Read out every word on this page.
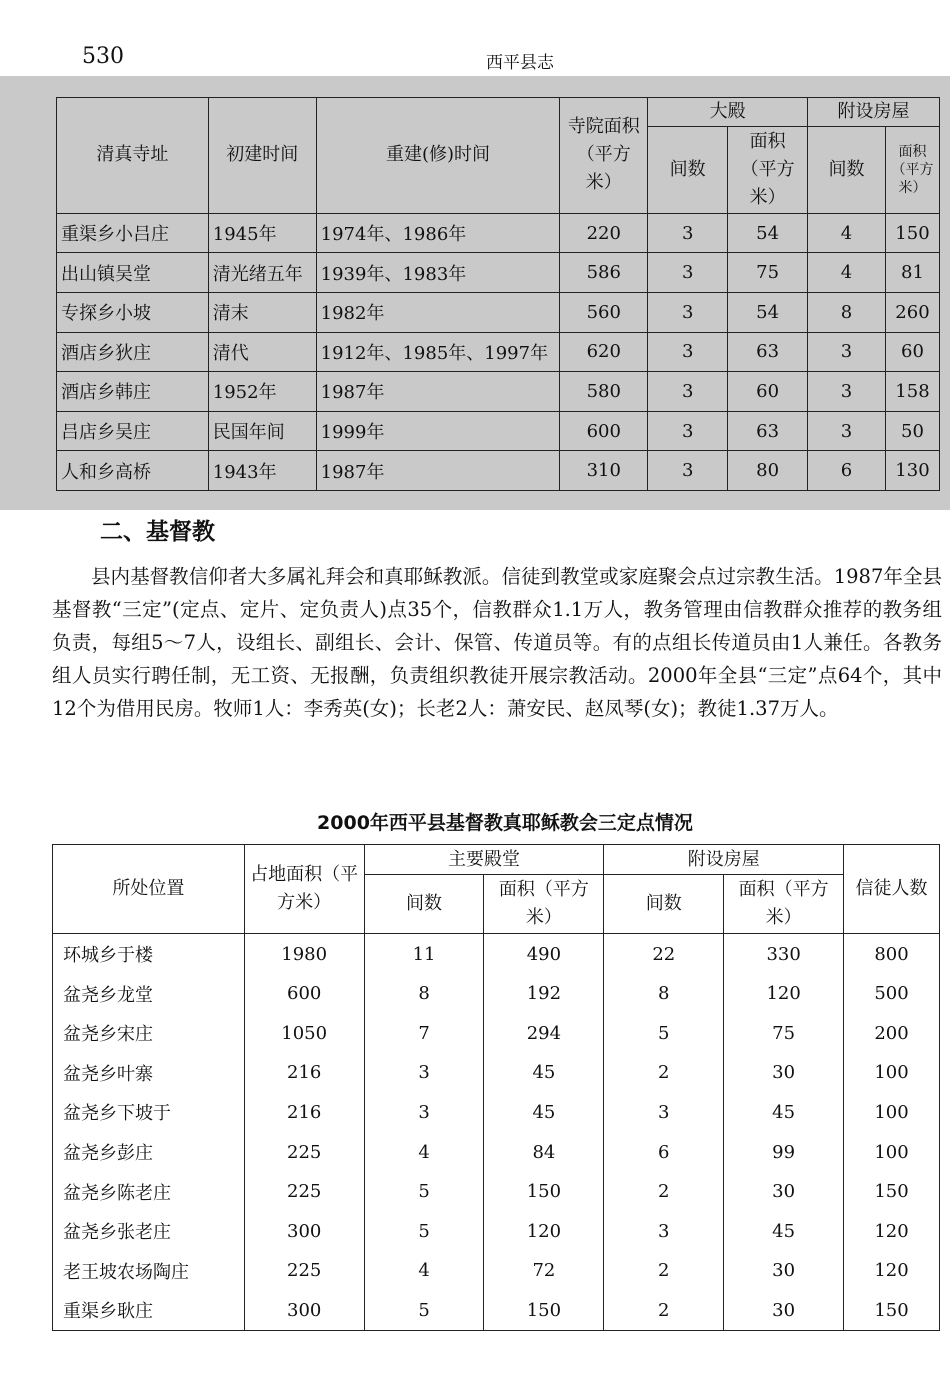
530	西平县志
清真寺址	初建时间	重建(修)时间	寺院面积（平方米）	大殿		附设房屋	
				间数	面积（平方米）	间数	面积（平方米）
重渠乡小吕庄	1945年	1974年、1986年	220	3	54	4	150
出山镇吴堂	清光绪五年	1939年、1983年	586	3	75	4	81
专探乡小坡	清末	1982年	560	3	54	8	260
酒店乡狄庄	清代	1912年、1985年、1997年	620	3	63	3	60
酒店乡韩庄	1952年	1987年	580	3	60	3	158
吕店乡吴庄	民国年间	1999年	600	3	63	3	50
人和乡高桥	1943年	1987年	310	3	80	6	130
二、基督教

县内基督教信仰者大多属礼拜会和真耶稣教派。信徒到教堂或家庭聚会点过宗教生活。1987年全县基督教“三定”(定点、定片、定负责人)点35个，信教群众1.1万人，教务管理由信教群众推荐的教务组负责，每组5～7人，设组长、副组长、会计、保管、传道员等。有的点组长传道员由1人兼任。各教务组人员实行聘任制，无工资、无报酬，负责组织教徒开展宗教活动。2000年全县“三定”点64个，其中12个为借用民房。牧师1人：李秀英(女)；长老2人：萧安民、赵凤琴(女)；教徒1.37万人。

2000年西平县基督教真耶稣教会三定点情况
所处位置	占地面积（平方米）	主要殿堂		附设房屋		信徒人数
		间数	面积（平方米）	间数	面积（平方米）	
环城乡于楼	1980	11	490	22	330	800
盆尧乡龙堂	600	8	192	8	120	500
盆尧乡宋庄	1050	7	294	5	75	200
盆尧乡叶寨	216	3	45	2	30	100
盆尧乡下坡于	216	3	45	3	45	100
盆尧乡彭庄	225	4	84	6	99	100
盆尧乡陈老庄	225	5	150	2	30	150
盆尧乡张老庄	300	5	120	3	45	120
老王坡农场陶庄	225	4	72	2	30	120
重渠乡耿庄	300	5	150	2	30	150
